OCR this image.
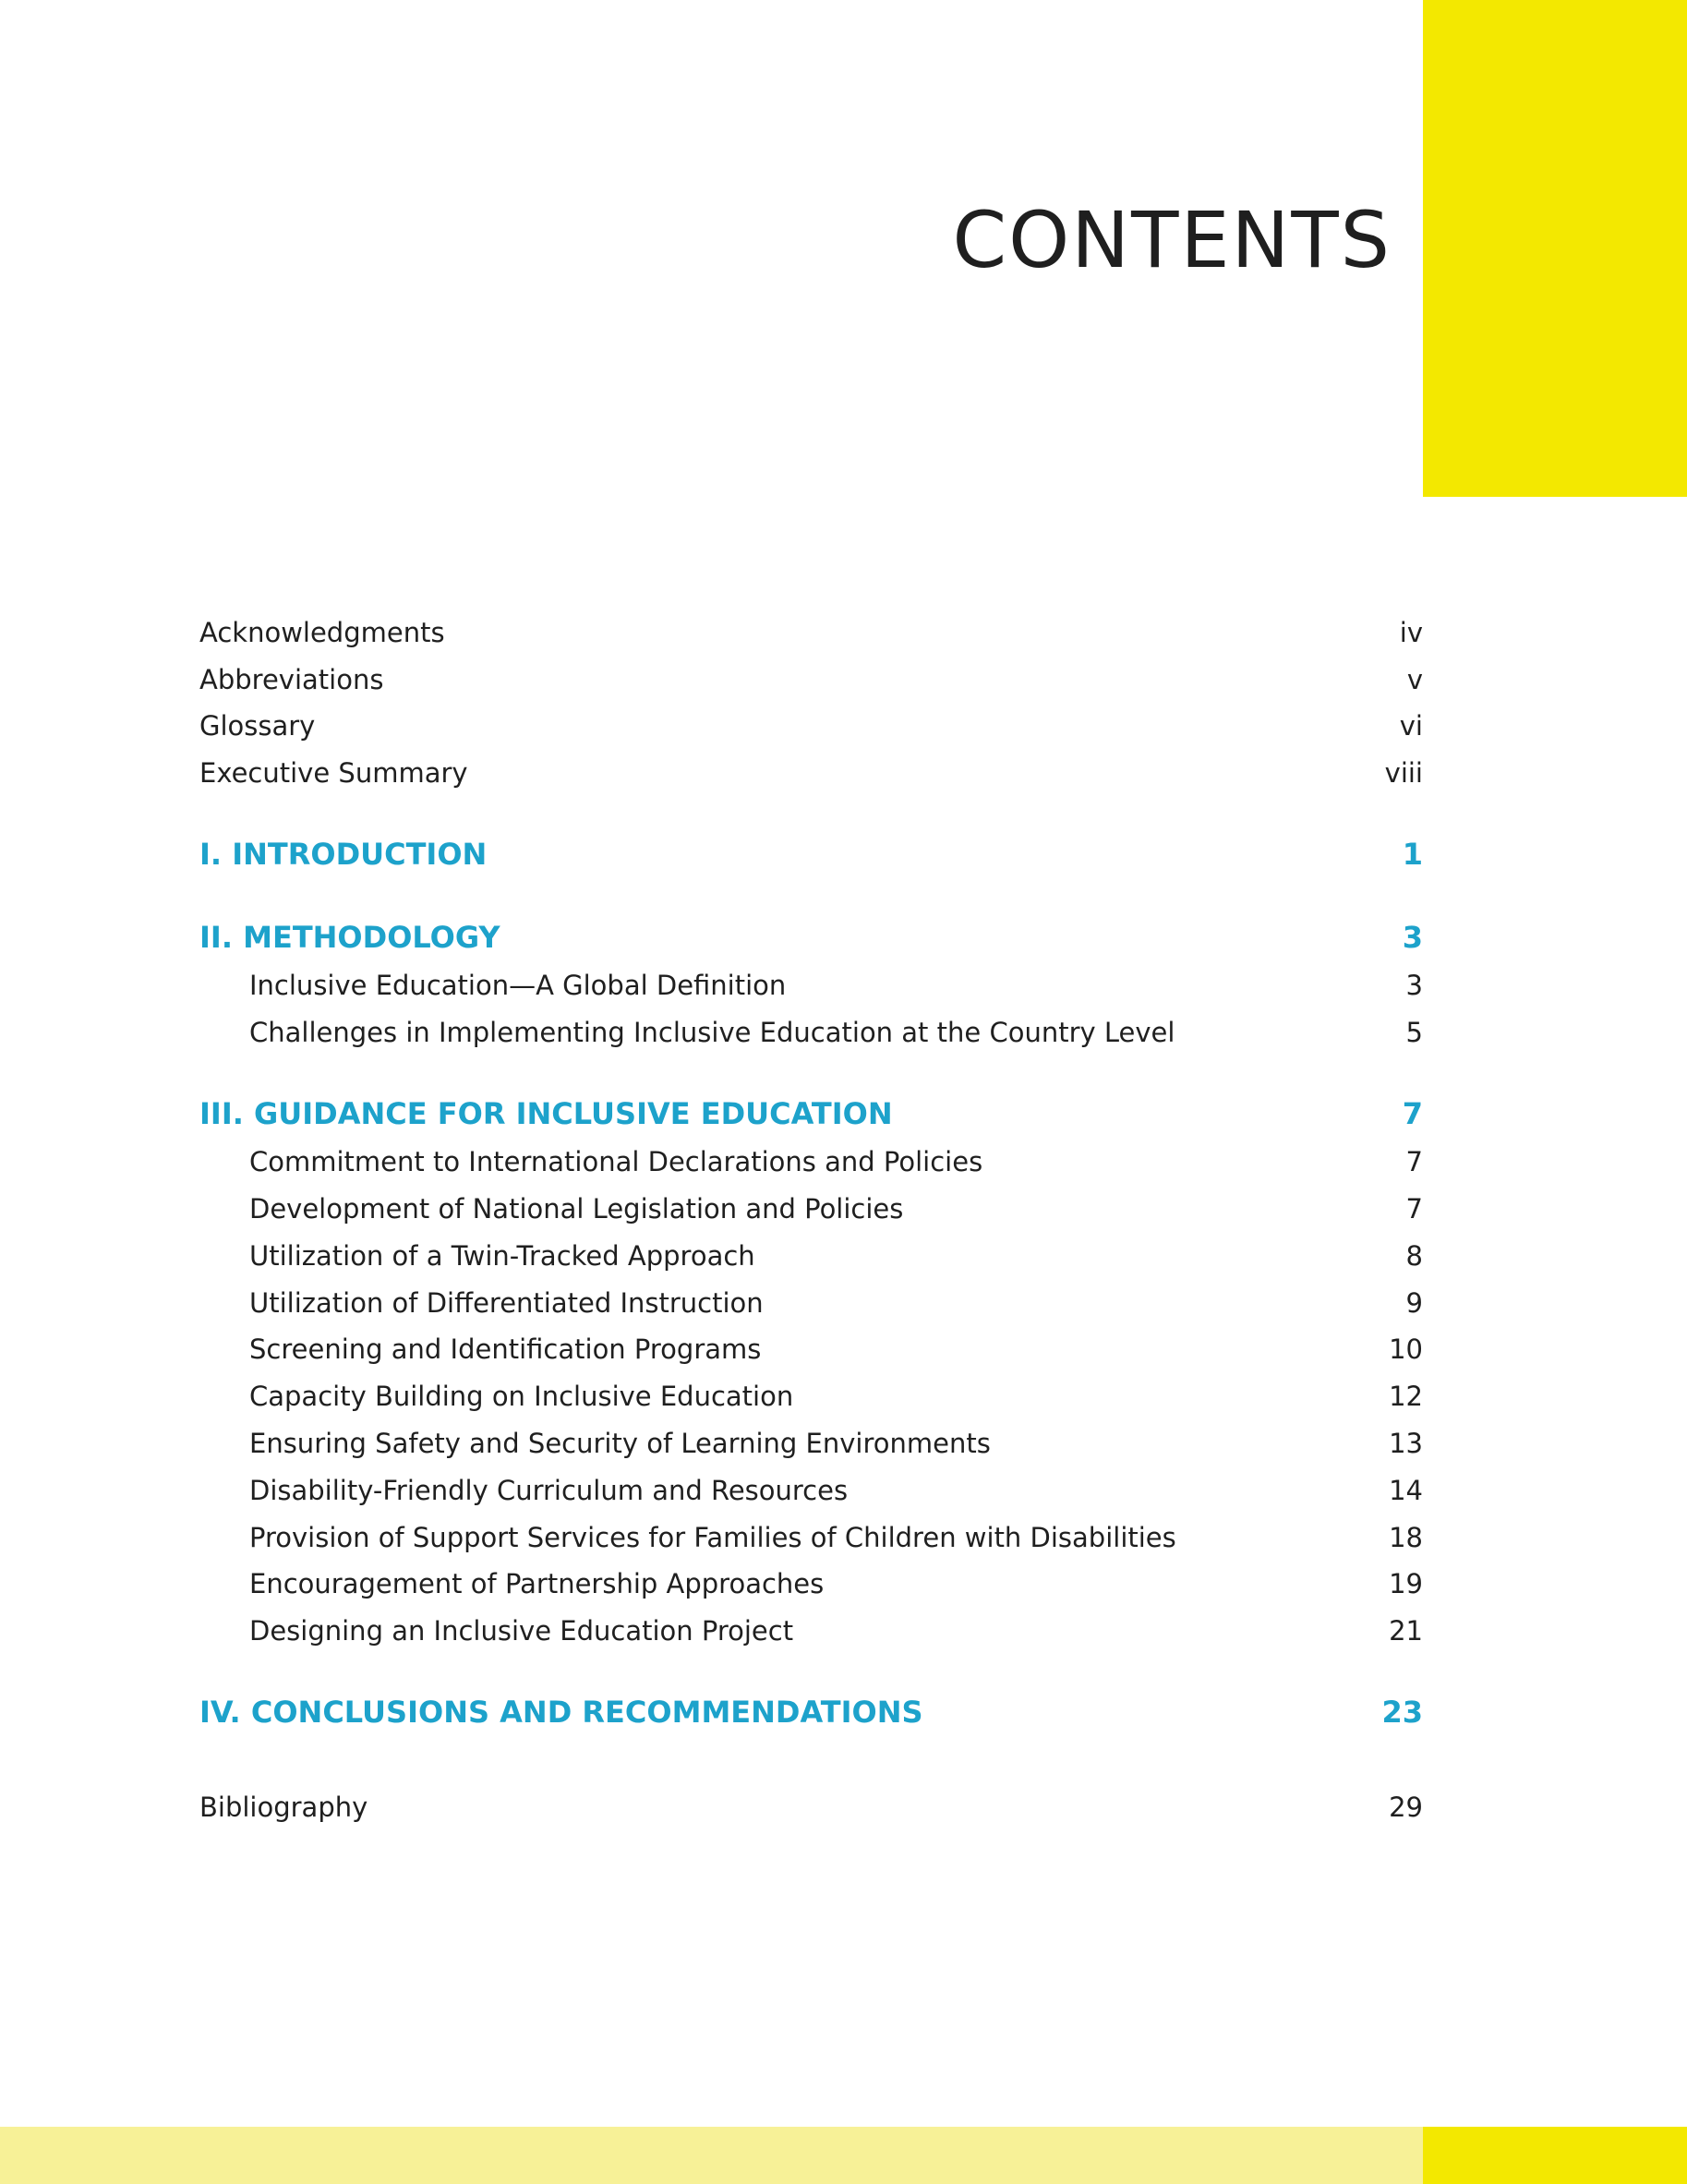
CONTENTS
Acknowledgments	iv
Abbreviations	v
Glossary	vi
Executive Summary	viii
I. INTRODUCTION	1
II. METHODOLOGY	3
Inclusive Education—A Global Definition	3
Challenges in Implementing Inclusive Education at the Country Level	5
III. GUIDANCE FOR INCLUSIVE EDUCATION	7
Commitment to International Declarations and Policies	7
Development of National Legislation and Policies	7
Utilization of a Twin-Tracked Approach	8
Utilization of Differentiated Instruction	9
Screening and Identification Programs	10
Capacity Building on Inclusive Education	12
Ensuring Safety and Security of Learning Environments	13
Disability-Friendly Curriculum and Resources	14
Provision of Support Services for Families of Children with Disabilities	18
Encouragement of Partnership Approaches	19
Designing an Inclusive Education Project	21
IV. CONCLUSIONS AND RECOMMENDATIONS	23
Bibliography	29
